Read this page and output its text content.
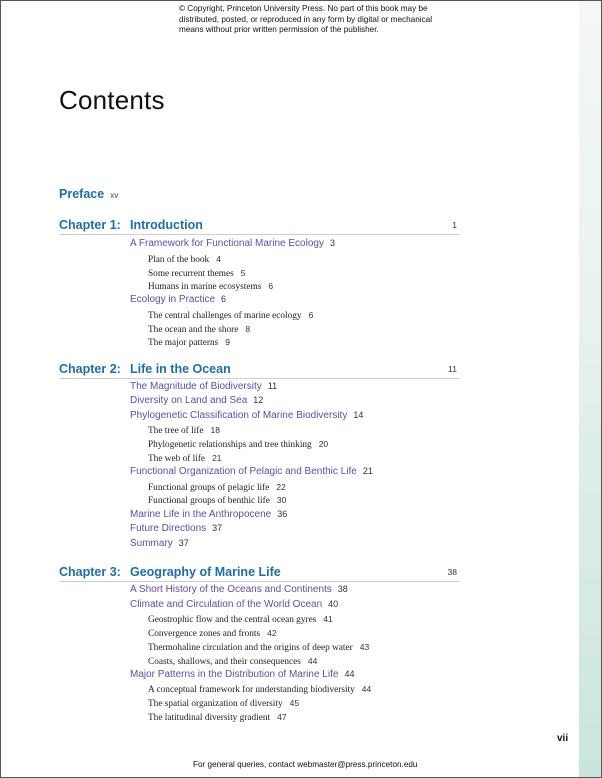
© Copyright, Princeton University Press. No part of this book may be distributed, posted, or reproduced in any form by digital or mechanical means without prior written permission of the publisher.
Contents
Preface xv
Chapter 1: Introduction	1
A Framework for Functional Marine Ecology 3
Plan of the book 4
Some recurrent themes 5
Humans in marine ecosystems 6
Ecology in Practice 6
The central challenges of marine ecology 6
The ocean and the shore 8
The major patterns 9
Chapter 2: Life in the Ocean	11
The Magnitude of Biodiversity 11
Diversity on Land and Sea 12
Phylogenetic Classification of Marine Biodiversity 14
The tree of life 18
Phylogenetic relationships and tree thinking 20
The web of life 21
Functional Organization of Pelagic and Benthic Life 21
Functional groups of pelagic life 22
Functional groups of benthic life 30
Marine Life in the Anthropocene 36
Future Directions 37
Summary 37
Chapter 3: Geography of Marine Life	38
A Short History of the Oceans and Continents 38
Climate and Circulation of the World Ocean 40
Geostrophic flow and the central ocean gyres 41
Convergence zones and fronts 42
Thermohaline circulation and the origins of deep water 43
Coasts, shallows, and their consequences 44
Major Patterns in the Distribution of Marine Life 44
A conceptual framework for understanding biodiversity 44
The spatial organization of diversity 45
The latitudinal diversity gradient 47
vii
For general queries, contact webmaster@press.princeton.edu
